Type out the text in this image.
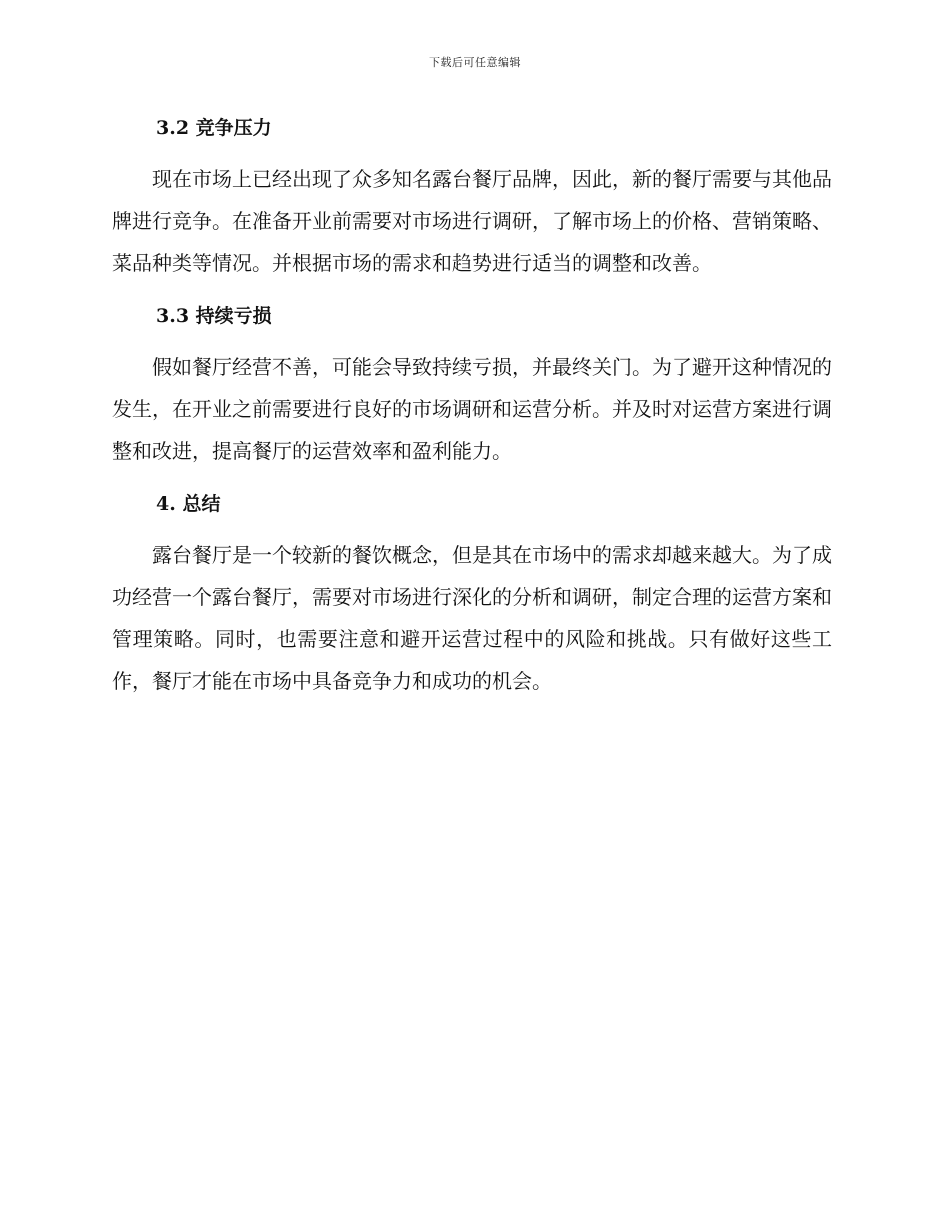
下载后可任意编辑
3.2 竞争压力

现在市场上已经出现了众多知名露台餐厅品牌，因此，新的餐厅需要与其他品牌进行竞争。在准备开业前需要对市场进行调研，了解市场上的价格、营销策略、菜品种类等情况。并根据市场的需求和趋势进行适当的调整和改善。

3.3 持续亏损

假如餐厅经营不善，可能会导致持续亏损，并最终关门。为了避开这种情况的发生，在开业之前需要进行良好的市场调研和运营分析。并及时对运营方案进行调整和改进，提高餐厅的运营效率和盈利能力。

4. 总结

露台餐厅是一个较新的餐饮概念，但是其在市场中的需求却越来越大。为了成功经营一个露台餐厅，需要对市场进行深化的分析和调研，制定合理的运营方案和管理策略。同时，也需要注意和避开运营过程中的风险和挑战。只有做好这些工作，餐厅才能在市场中具备竞争力和成功的机会。
